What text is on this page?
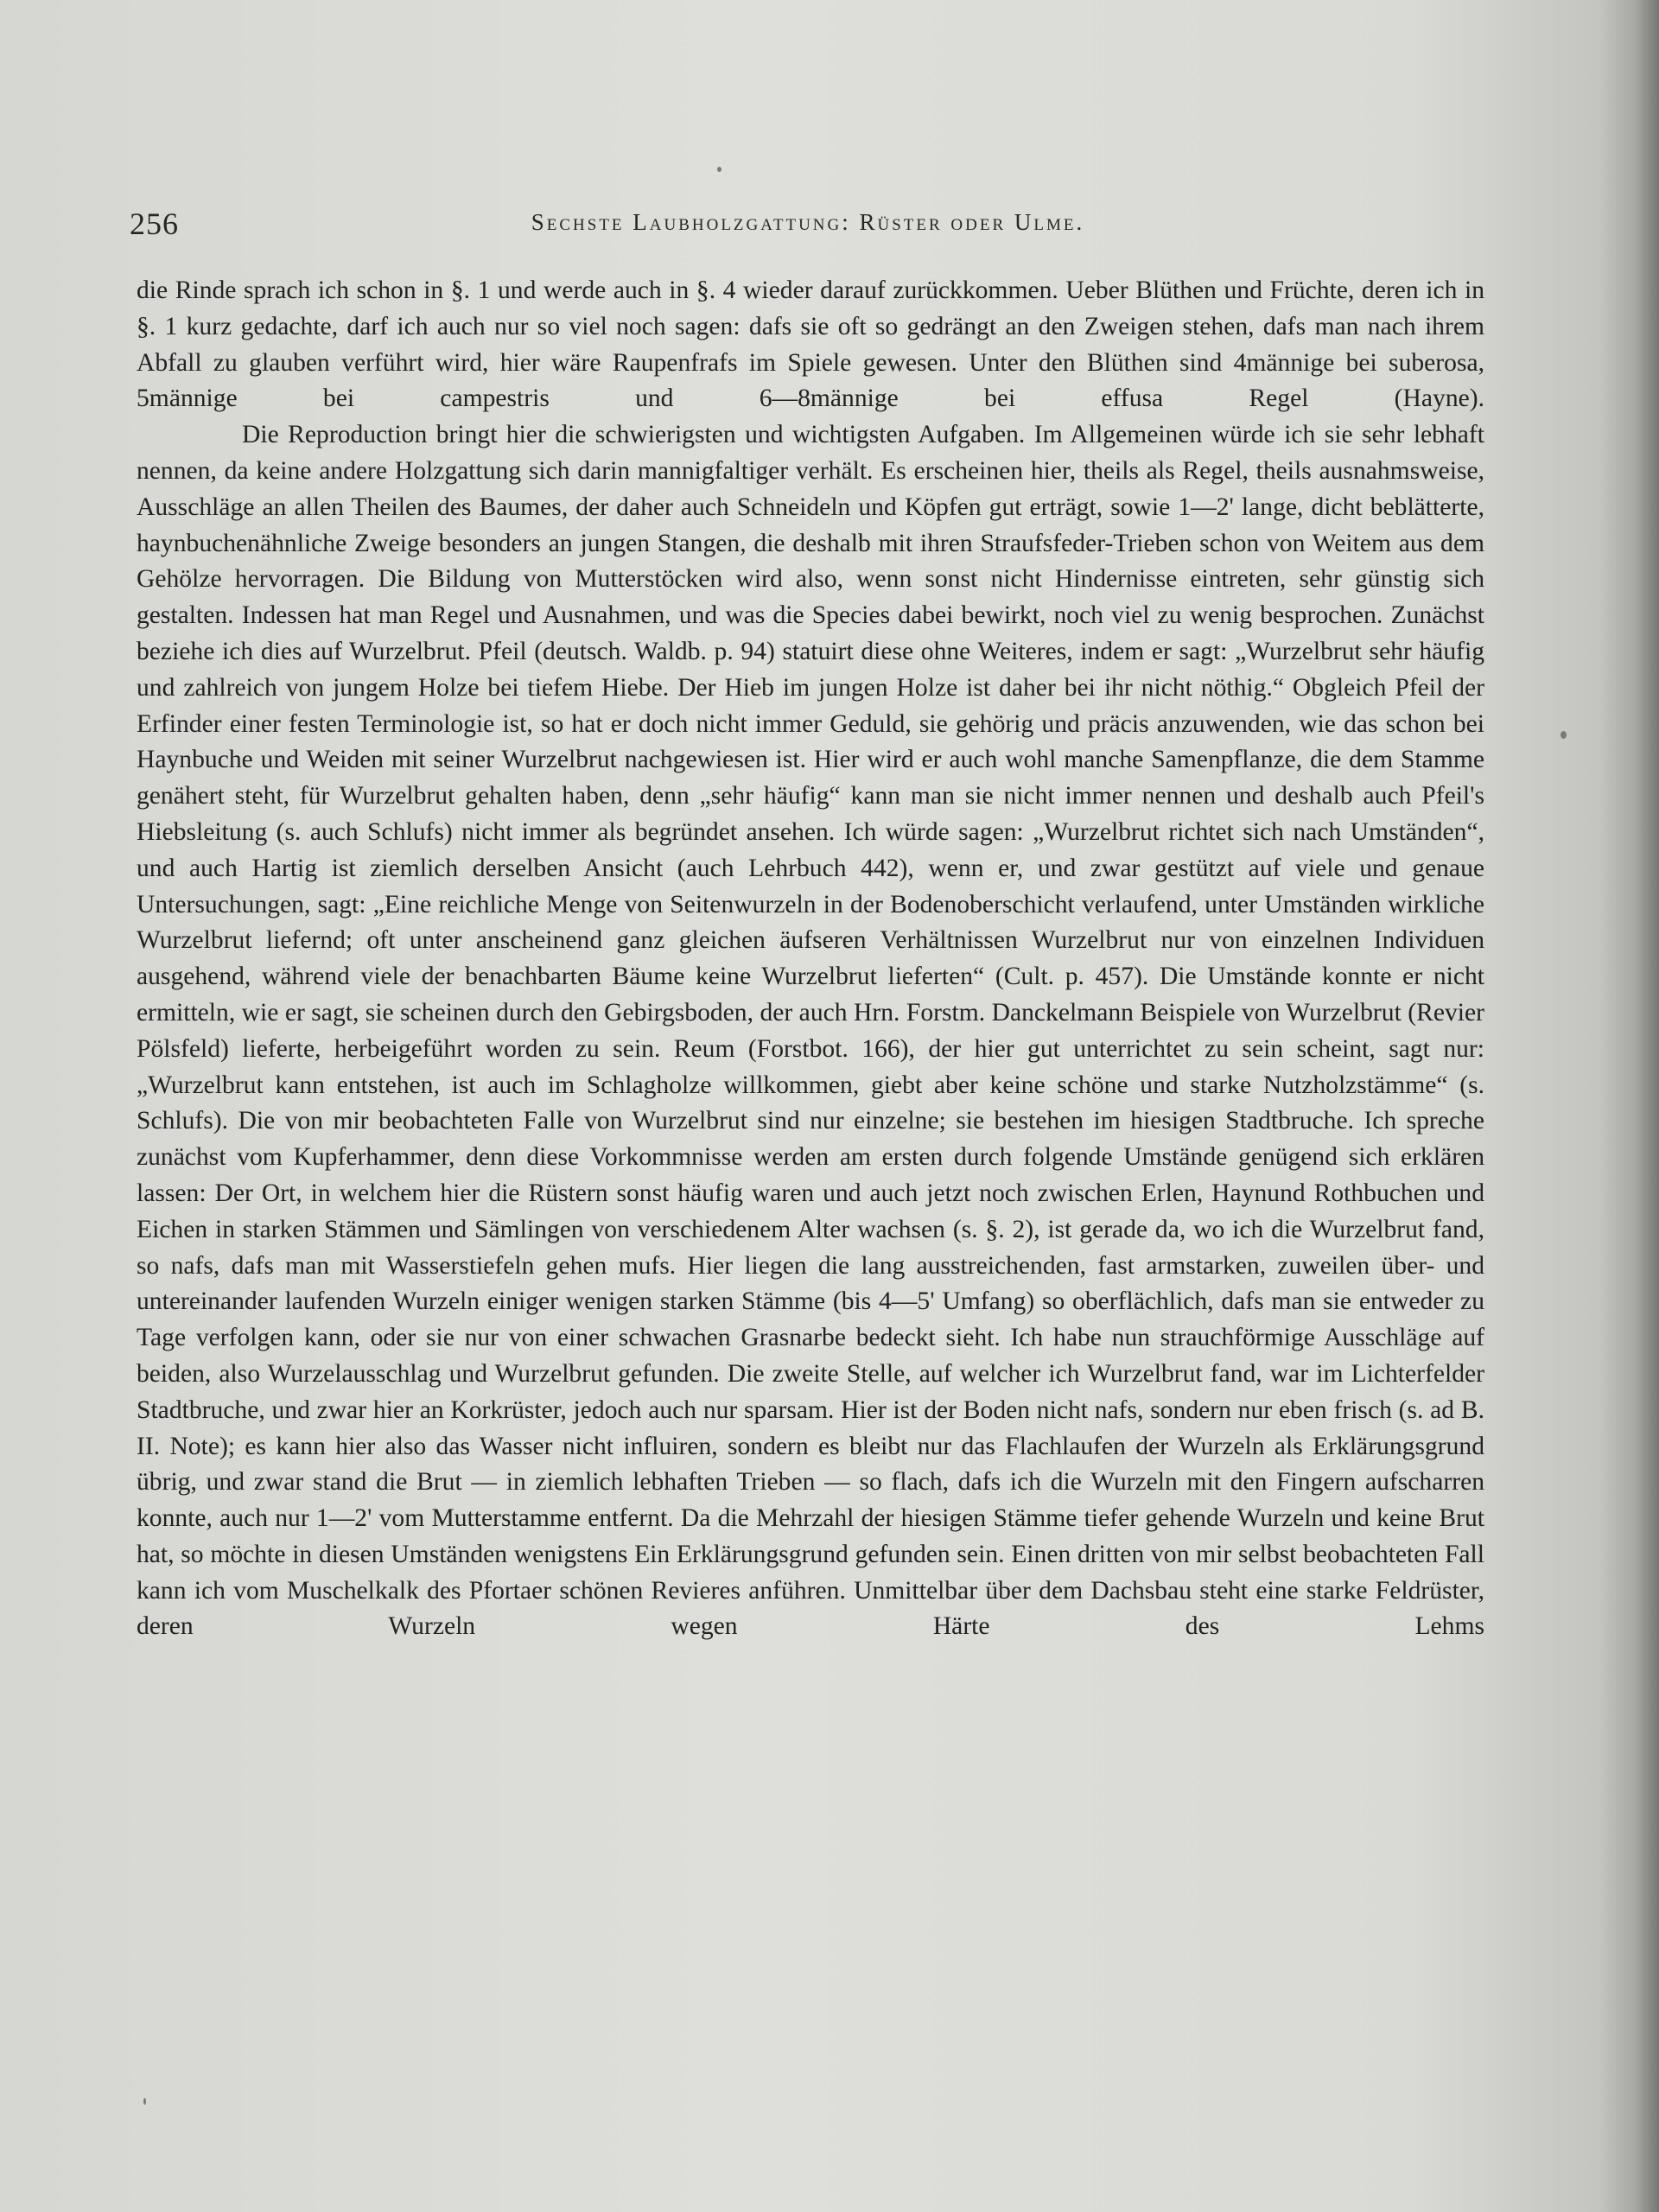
256	Sechste Laubholzgattung: Rüster oder Ulme.

die Rinde sprach ich schon in §. 1 und werde auch in §. 4 wieder darauf zurückkommen. Ueber Blüthen und Früchte, deren ich in §. 1 kurz gedachte, darf ich auch nur so viel noch sagen: dafs sie oft so gedrängt an den Zweigen stehen, dafs man nach ihrem Abfall zu glauben verführt wird, hier wäre Raupenfrafs im Spiele gewesen. Unter den Blüthen sind 4männige bei suberosa, 5männige bei campestris und 6—8männige bei effusa Regel (Hayne).

Die Reproduction bringt hier die schwierigsten und wichtigsten Aufgaben. Im Allgemeinen würde ich sie sehr lebhaft nennen, da keine andere Holzgattung sich darin mannigfaltiger verhält. Es erscheinen hier, theils als Regel, theils ausnahmsweise, Ausschläge an allen Theilen des Baumes, der daher auch Schneideln und Köpfen gut erträgt, sowie 1—2' lange, dicht beblätterte, haynbuchenähnliche Zweige besonders an jungen Stangen, die deshalb mit ihren Straufsfeder-Trieben schon von Weitem aus dem Gehölze hervorragen. Die Bildung von Mutterstöcken wird also, wenn sonst nicht Hindernisse eintreten, sehr günstig sich gestalten. Indessen hat man Regel und Ausnahmen, und was die Species dabei bewirkt, noch viel zu wenig besprochen. Zunächst beziehe ich dies auf Wurzelbrut. Pfeil (deutsch. Waldb. p. 94) statuirt diese ohne Weiteres, indem er sagt: „Wurzelbrut sehr häufig und zahlreich von jungem Holze bei tiefem Hiebe. Der Hieb im jungen Holze ist daher bei ihr nicht nöthig.“ Obgleich Pfeil der Erfinder einer festen Terminologie ist, so hat er doch nicht immer Geduld, sie gehörig und präcis anzuwenden, wie das schon bei Haynbuche und Weiden mit seiner Wurzelbrut nachgewiesen ist. Hier wird er auch wohl manche Samenpflanze, die dem Stamme genähert steht, für Wurzelbrut gehalten haben, denn „sehr häufig“ kann man sie nicht immer nennen und deshalb auch Pfeil's Hiebsleitung (s. auch Schlufs) nicht immer als begründet ansehen. Ich würde sagen: „Wurzelbrut richtet sich nach Umständen“, und auch Hartig ist ziemlich derselben Ansicht (auch Lehrbuch 442), wenn er, und zwar gestützt auf viele und genaue Untersuchungen, sagt: „Eine reichliche Menge von Seitenwurzeln in der Bodenoberschicht verlaufend, unter Umständen wirkliche Wurzelbrut liefernd; oft unter anscheinend ganz gleichen äufseren Verhältnissen Wurzelbrut nur von einzelnen Individuen ausgehend, während viele der benachbarten Bäume keine Wurzelbrut lieferten“ (Cult. p. 457). Die Umstände konnte er nicht ermitteln, wie er sagt, sie scheinen durch den Gebirgsboden, der auch Hrn. Forstm. Danckelmann Beispiele von Wurzelbrut (Revier Pölsfeld) lieferte, herbeigeführt worden zu sein. Reum (Forstbot. 166), der hier gut unterrichtet zu sein scheint, sagt nur: „Wurzelbrut kann entstehen, ist auch im Schlagholze willkommen, giebt aber keine schöne und starke Nutzholzstämme“ (s. Schlufs). Die von mir beobachteten Falle von Wurzelbrut sind nur einzelne; sie bestehen im hiesigen Stadtbruche. Ich spreche zunächst vom Kupferhammer, denn diese Vorkommnisse werden am ersten durch folgende Umstände genügend sich erklären lassen: Der Ort, in welchem hier die Rüstern sonst häufig waren und auch jetzt noch zwischen Erlen, Haynund Rothbuchen und Eichen in starken Stämmen und Sämlingen von verschiedenem Alter wachsen (s. §. 2), ist gerade da, wo ich die Wurzelbrut fand, so nafs, dafs man mit Wasserstiefeln gehen mufs. Hier liegen die lang ausstreichenden, fast armstarken, zuweilen über- und untereinander laufenden Wurzeln einiger wenigen starken Stämme (bis 4—5' Umfang) so oberflächlich, dafs man sie entweder zu Tage verfolgen kann, oder sie nur von einer schwachen Grasnarbe bedeckt sieht. Ich habe nun strauchförmige Ausschläge auf beiden, also Wurzelausschlag und Wurzelbrut gefunden. Die zweite Stelle, auf welcher ich Wurzelbrut fand, war im Lichterfelder Stadtbruche, und zwar hier an Korkrüster, jedoch auch nur sparsam. Hier ist der Boden nicht nafs, sondern nur eben frisch (s. ad B. II. Note); es kann hier also das Wasser nicht influiren, sondern es bleibt nur das Flachlaufen der Wurzeln als Erklärungsgrund übrig, und zwar stand die Brut — in ziemlich lebhaften Trieben — so flach, dafs ich die Wurzeln mit den Fingern aufscharren konnte, auch nur 1—2' vom Mutterstamme entfernt. Da die Mehrzahl der hiesigen Stämme tiefer gehende Wurzeln und keine Brut hat, so möchte in diesen Umständen wenigstens Ein Erklärungsgrund gefunden sein. Einen dritten von mir selbst beobachteten Fall kann ich vom Muschelkalk des Pfortaer schönen Revieres anführen. Unmittelbar über dem Dachsbau steht eine starke Feldrüster, deren Wurzeln wegen Härte des Lehms
